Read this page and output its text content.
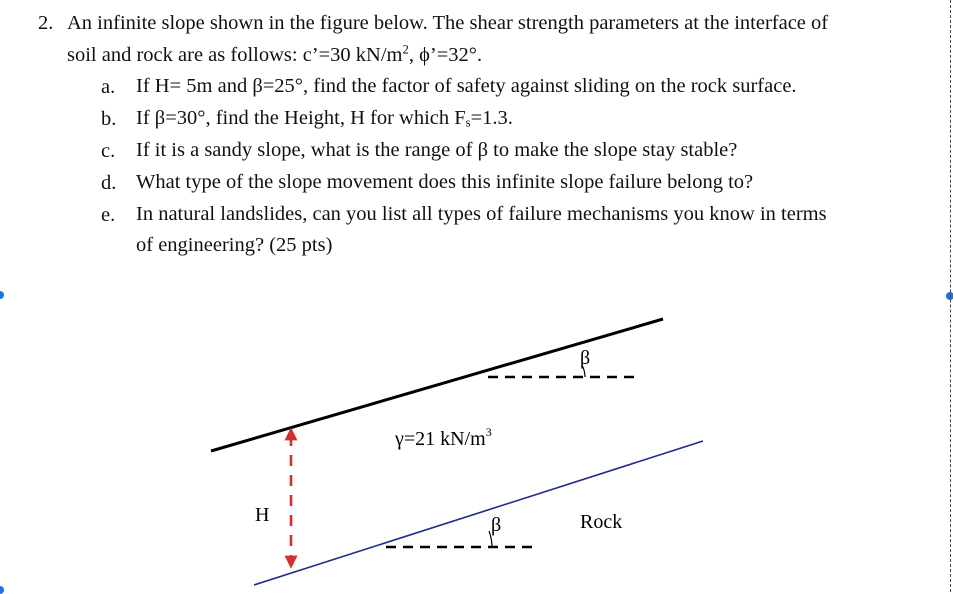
2. An infinite slope shown in the figure below. The shear strength parameters at the interface of
soil and rock are as follows: c’=30 $kN/m^2$, ϕ’=32°.
a.	If H= 5m and β=25°, find the factor of safety against sliding on the rock surface.
b. If β=30°, find the Height, H for which $F_s=1.3$.
c.	If it is a sandy slope, what is the range of β to make the slope stay stable?
d. What type of the slope movement does this infinite slope failure belong to?
e.	In natural landslides, can you list all types of failure mechanisms you know in terms
of engineering? (25 pts)
β
β
H	Rock
γ=21 $kN/m^3$
